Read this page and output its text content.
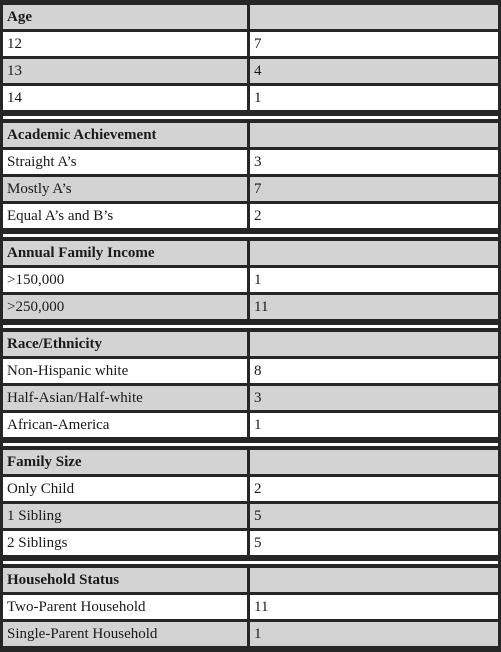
Age
12	7
13	4
14	1
Academic Achievement
Straight A’s	3
Mostly A’s	7
Equal A’s and B’s	2
Annual Family Income
>150,000	1
>250,000	11
Race/Ethnicity
Non-Hispanic white	8
Half-Asian/Half-white	3
African-America	1
Family Size
Only Child	2
1 Sibling	5
2 Siblings	5
Household Status
Two-Parent Household	11
Single-Parent Household	1
